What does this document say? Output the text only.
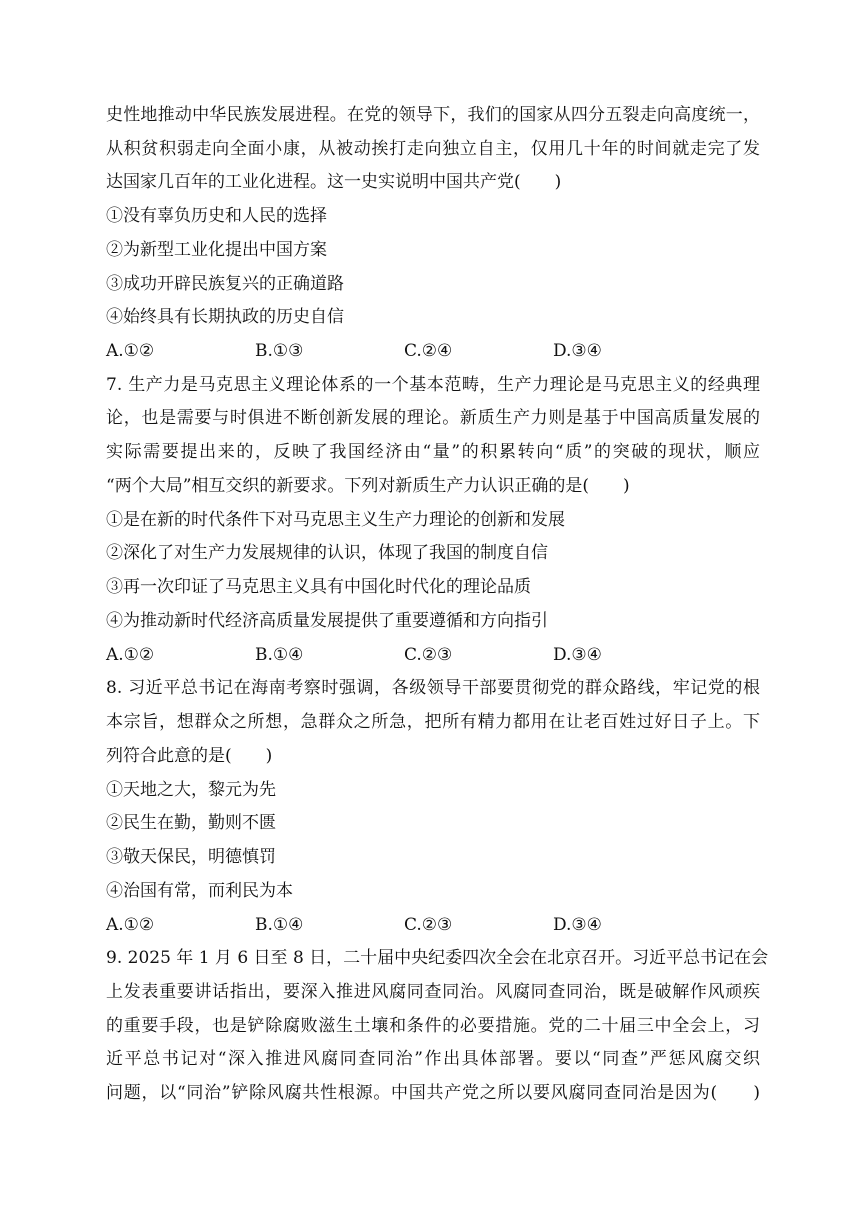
史性地推动中华民族发展进程。在党的领导下，我们的国家从四分五裂走向高度统一，
从积贫积弱走向全面小康，从被动挨打走向独立自主，仅用几十年的时间就走完了发
达国家几百年的工业化进程。这一史实说明中国共产党(　　)
①没有辜负历史和人民的选择
②为新型工业化提出中国方案
③成功开辟民族复兴的正确道路
④始终具有长期执政的历史自信
A.①②	B.①③	C.②④	D.③④
7. 生产力是马克思主义理论体系的一个基本范畴，生产力理论是马克思主义的经典理
论，也是需要与时俱进不断创新发展的理论。新质生产力则是基于中国高质量发展的
实际需要提出来的，反映了我国经济由“量”的积累转向“质”的突破的现状，顺应
“两个大局”相互交织的新要求。下列对新质生产力认识正确的是(　　)
①是在新的时代条件下对马克思主义生产力理论的创新和发展
②深化了对生产力发展规律的认识，体现了我国的制度自信
③再一次印证了马克思主义具有中国化时代化的理论品质
④为推动新时代经济高质量发展提供了重要遵循和方向指引
A.①②	B.①④	C.②③	D.③④
8. 习近平总书记在海南考察时强调，各级领导干部要贯彻党的群众路线，牢记党的根
本宗旨，想群众之所想，急群众之所急，把所有精力都用在让老百姓过好日子上。下
列符合此意的是(　　)
①天地之大，黎元为先
②民生在勤，勤则不匮
③敬天保民，明德慎罚
④治国有常，而利民为本
A.①②	B.①④	C.②③	D.③④
9. 2025 年 1 月 6 日至 8 日，二十届中央纪委四次全会在北京召开。习近平总书记在会
上发表重要讲话指出，要深入推进风腐同查同治。风腐同查同治，既是破解作风顽疾
的重要手段，也是铲除腐败滋生土壤和条件的必要措施。党的二十届三中全会上，习
近平总书记对“深入推进风腐同查同治”作出具体部署。要以“同查”严惩风腐交织
问题，以“同治”铲除风腐共性根源。中国共产党之所以要风腐同查同治是因为(　　)
